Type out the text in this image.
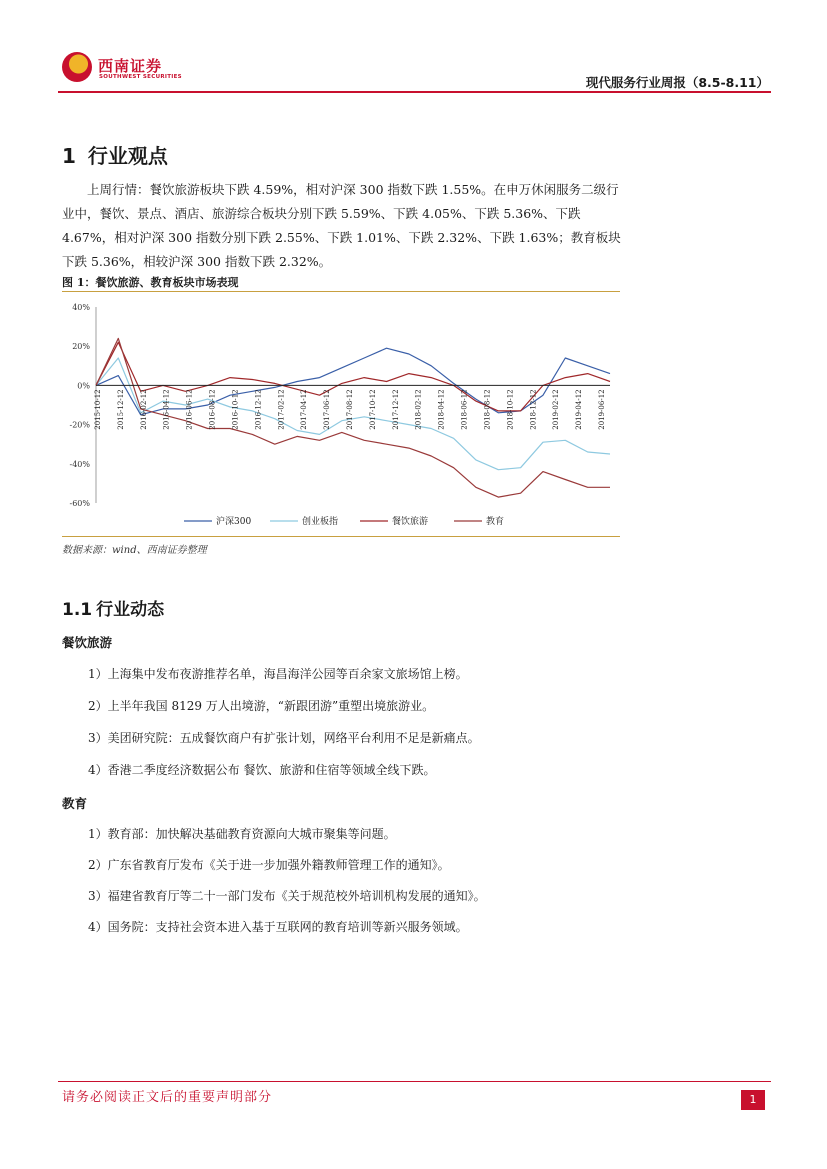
西南证券
SOUTHWEST SECURITIES	现代服务行业周报（8.5-8.11）
1 行业观点

　　上周行情：餐饮旅游板块下跌 4.59%，相对沪深 300 指数下跌 1.55%。在申万休闲服务二级行业中，餐饮、景点、酒店、旅游综合板块分别下跌 5.59%、下跌 4.05%、下跌 5.36%、下跌 4.67%，相对沪深 300 指数分别下跌 2.55%、下跌 1.01%、下跌 2.32%、下跌 1.63%；教育板块下跌 5.36%，相较沪深 300 指数下跌 2.32%。

图 1：餐饮旅游、教育板块市场表现
40%
20%
0%
-20%
-40%
-60%
2015-10-12 2015-12-12 2016-02-12 2016-04-12 2016-06-12 2016-08-12 2016-10-12 2016-12-12 2017-02-12 2017-04-12 2017-06-12 2017-08-12 2017-10-12 2017-12-12 2018-02-12 2018-04-12 2018-06-12 2018-08-12 2018-10-12 2018-12-12 2019-02-12 2019-04-12 2019-06-12
沪深300	创业板指	餐饮旅游	教育
数据来源：wind、西南证券整理
1.1 行业动态
餐饮旅游
1）上海集中发布夜游推荐名单，海昌海洋公园等百余家文旅场馆上榜。
2）上半年我国 8129 万人出境游，“新跟团游”重塑出境旅游业。
3）美团研究院：五成餐饮商户有扩张计划，网络平台利用不足是新痛点。
4）香港二季度经济数据公布 餐饮、旅游和住宿等领域全线下跌。
教育
1）教育部：加快解决基础教育资源向大城市聚集等问题。
2）广东省教育厅发布《关于进一步加强外籍教师管理工作的通知》。
3）福建省教育厅等二十一部门发布《关于规范校外培训机构发展的通知》。
4）国务院：支持社会资本进入基于互联网的教育培训等新兴服务领域。
请务必阅读正文后的重要声明部分	1
